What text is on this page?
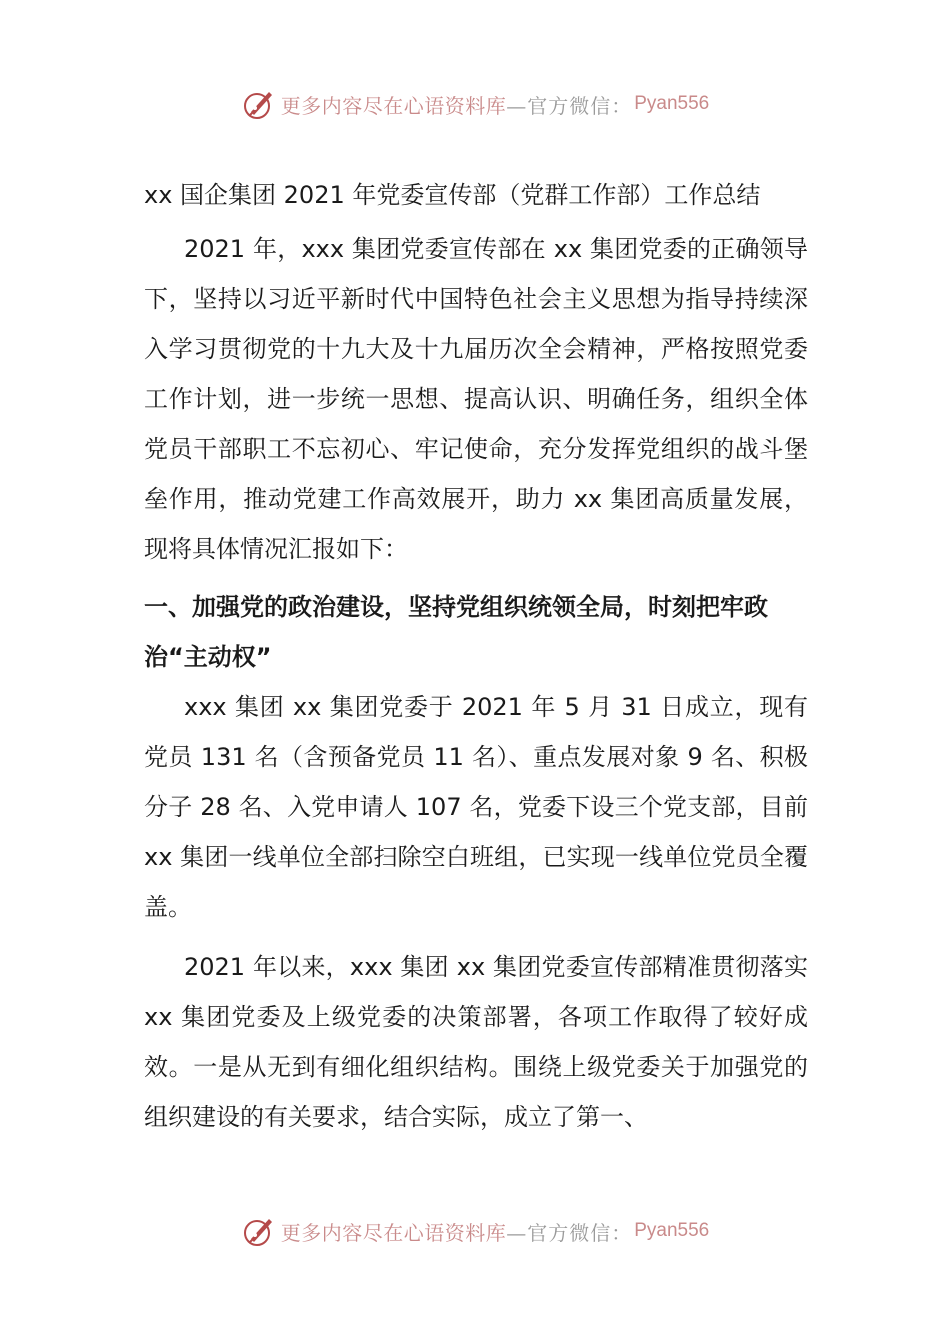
更多内容尽在心语资料库 —官方微信： Pyan556

xx 国企集团 2021 年党委宣传部（党群工作部）工作总结

2021 年，xxx 集团党委宣传部在 xx 集团党委的正确领导下，坚持以习近平新时代中国特色社会主义思想为指导持续深入学习贯彻党的十九大及十九届历次全会精神，严格按照党委工作计划，进一步统一思想、提高认识、明确任务，组织全体党员干部职工不忘初心、牢记使命，充分发挥党组织的战斗堡垒作用，推动党建工作高效展开，助力 xx 集团高质量发展，现将具体情况汇报如下：

一、加强党的政治建设，坚持党组织统领全局，时刻把牢政治“主动权”

xxx 集团 xx 集团党委于 2021 年 5 月 31 日成立，现有党员 131 名（含预备党员 11 名）、重点发展对象 9 名、积极分子 28 名、入党申请人 107 名，党委下设三个党支部，目前 xx 集团一线单位全部扫除空白班组，已实现一线单位党员全覆盖。

2021 年以来，xxx 集团 xx 集团党委宣传部精准贯彻落实 xx 集团党委及上级党委的决策部署，各项工作取得了较好成效。一是从无到有细化组织结构。围绕上级党委关于加强党的组织建设的有关要求，结合实际，成立了第一、

更多内容尽在心语资料库 —官方微信： Pyan556
